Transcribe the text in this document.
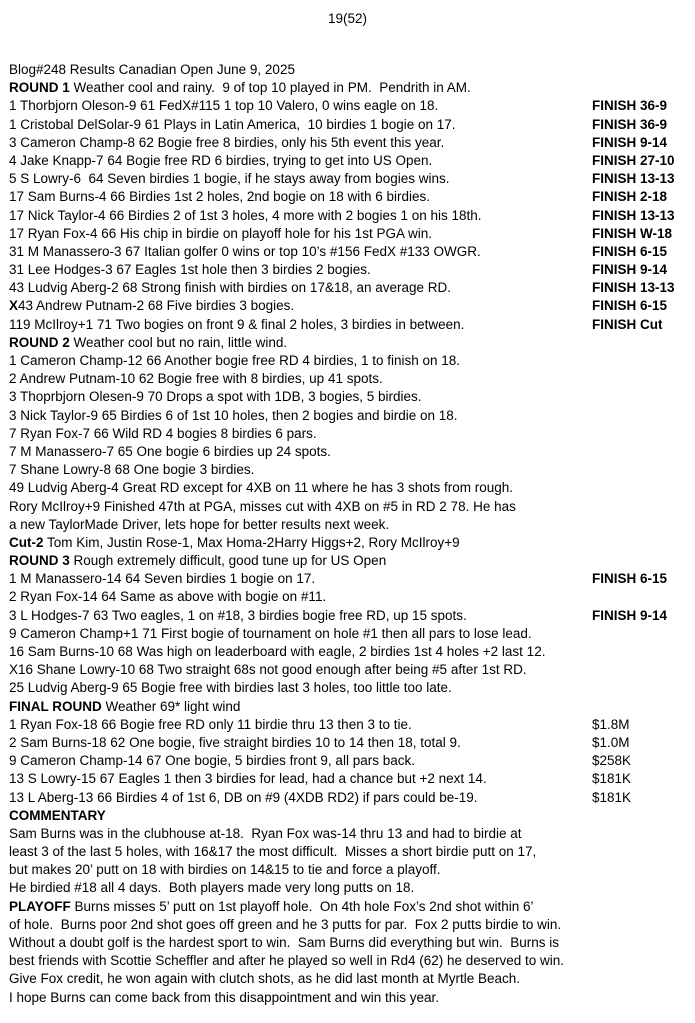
19(52)
Blog#248 Results Canadian Open June 9, 2025
ROUND 1 Weather cool and rainy.  9 of top 10 played in PM.  Pendrith in AM.
1 Thorbjorn Oleson-9 61 FedX#115 1 top 10 Valero, 0 wins eagle on 18.	FINISH 36-9
1 Cristobal DelSolar-9 61 Plays in Latin America,  10 birdies 1 bogie on 17.	FINISH 36-9
3 Cameron Champ-8 62 Bogie free 8 birdies, only his 5th event this year.	FINISH 9-14
4 Jake Knapp-7 64 Bogie free RD 6 birdies, trying to get into US Open.	FINISH 27-10
5 S Lowry-6  64 Seven birdies 1 bogie, if he stays away from bogies wins.	FINISH 13-13
17 Sam Burns-4 66 Birdies 1st 2 holes, 2nd bogie on 18 with 6 birdies.	FINISH 2-18
17 Nick Taylor-4 66 Birdies 2 of 1st 3 holes, 4 more with 2 bogies 1 on his 18th.	FINISH 13-13
17 Ryan Fox-4 66 His chip in birdie on playoff hole for his 1st PGA win.	FINISH W-18
31 M Manassero-3 67 Italian golfer 0 wins or top 10’s #156 FedX #133 OWGR.	FINISH 6-15
31 Lee Hodges-3 67 Eagles 1st hole then 3 birdies 2 bogies.	FINISH 9-14
43 Ludvig Aberg-2 68 Strong finish with birdies on 17&18, an average RD.	FINISH 13-13
X43 Andrew Putnam-2 68 Five birdies 3 bogies.	FINISH 6-15
119 McIlroy+1 71 Two bogies on front 9 & final 2 holes, 3 birdies in between.	FINISH Cut
ROUND 2 Weather cool but no rain, little wind.
1 Cameron Champ-12 66 Another bogie free RD 4 birdies, 1 to finish on 18.
2 Andrew Putnam-10 62 Bogie free with 8 birdies, up 41 spots.
3 Thoprbjorn Olesen-9 70 Drops a spot with 1DB, 3 bogies, 5 birdies.
3 Nick Taylor-9 65 Birdies 6 of 1st 10 holes, then 2 bogies and birdie on 18.
7 Ryan Fox-7 66 Wild RD 4 bogies 8 birdies 6 pars.
7 M Manassero-7 65 One bogie 6 birdies up 24 spots.
7 Shane Lowry-8 68 One bogie 3 birdies.
49 Ludvig Aberg-4 Great RD except for 4XB on 11 where he has 3 shots from rough.
Rory McIlroy+9 Finished 47th at PGA, misses cut with 4XB on #5 in RD 2 78. He has
a new TaylorMade Driver, lets hope for better results next week.
Cut-2 Tom Kim, Justin Rose-1, Max Homa-2Harry Higgs+2, Rory McIlroy+9
ROUND 3 Rough extremely difficult, good tune up for US Open
1 M Manassero-14 64 Seven birdies 1 bogie on 17.	FINISH 6-15
2 Ryan Fox-14 64 Same as above with bogie on #11.
3 L Hodges-7 63 Two eagles, 1 on #18, 3 birdies bogie free RD, up 15 spots.	FINISH 9-14
9 Cameron Champ+1 71 First bogie of tournament on hole #1 then all pars to lose lead.
16 Sam Burns-10 68 Was high on leaderboard with eagle, 2 birdies 1st 4 holes +2 last 12.
X16 Shane Lowry-10 68 Two straight 68s not good enough after being #5 after 1st RD.
25 Ludvig Aberg-9 65 Bogie free with birdies last 3 holes, too little too late.
FINAL ROUND Weather 69* light wind
1 Ryan Fox-18 66 Bogie free RD only 11 birdie thru 13 then 3 to tie.	$1.8M
2 Sam Burns-18 62 One bogie, five straight birdies 10 to 14 then 18, total 9.	$1.0M
9 Cameron Champ-14 67 One bogie, 5 birdies front 9, all pars back.	$258K
13 S Lowry-15 67 Eagles 1 then 3 birdies for lead, had a chance but +2 next 14.	$181K
13 L Aberg-13 66 Birdies 4 of 1st 6, DB on #9 (4XDB RD2) if pars could be-19.	$181K
COMMENTARY
Sam Burns was in the clubhouse at-18.  Ryan Fox was-14 thru 13 and had to birdie at
least 3 of the last 5 holes, with 16&17 the most difficult.  Misses a short birdie putt on 17,
but makes 20’ putt on 18 with birdies on 14&15 to tie and force a playoff.
He birdied #18 all 4 days.  Both players made very long putts on 18.
PLAYOFF Burns misses 5’ putt on 1st playoff hole.  On 4th hole Fox’s 2nd shot within 6’
of hole.  Burns poor 2nd shot goes off green and he 3 putts for par.  Fox 2 putts birdie to win.
Without a doubt golf is the hardest sport to win.  Sam Burns did everything but win.  Burns is
best friends with Scottie Scheffler and after he played so well in Rd4 (62) he deserved to win.
Give Fox credit, he won again with clutch shots, as he did last month at Myrtle Beach.
I hope Burns can come back from this disappointment and win this year.
